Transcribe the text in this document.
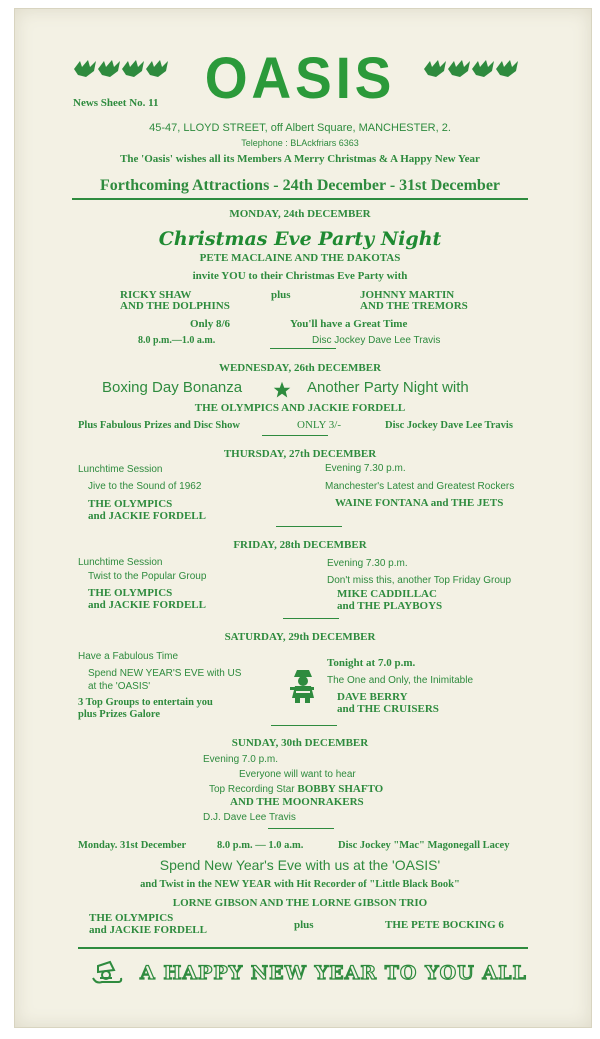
OASIS
News Sheet No. 11
45-47, LLOYD STREET, off Albert Square, MANCHESTER, 2.
Telephone : BLAckfriars 6363
The 'Oasis' wishes all its Members A Merry Christmas & A Happy New Year
Forthcoming Attractions - 24th December - 31st December
MONDAY, 24th DECEMBER
Christmas Eve Party Night
PETE MACLAINE AND THE DAKOTAS
invite YOU to their Christmas Eve Party with
RICKY SHAW
AND THE DOLPHINS
plus	JOHNNY MARTIN
AND THE TREMORS
Only 8/6	You'll have a Great Time
8.0 p.m.—1.0 a.m.	Disc Jockey Dave Lee Travis
WEDNESDAY, 26th DECEMBER
Boxing Day Bonanza	Another Party Night with
THE OLYMPICS AND JACKIE FORDELL
Plus Fabulous Prizes and Disc Show	ONLY 3/-	Disc Jockey Dave Lee Travis
THURSDAY, 27th DECEMBER
Lunchtime Session
Jive to the Sound of 1962
THE OLYMPICS
and JACKIE FORDELL
Evening 7.30 p.m.
Manchester's Latest and Greatest Rockers
WAINE FONTANA and THE JETS
FRIDAY, 28th DECEMBER
Lunchtime Session
Twist to the Popular Group
THE OLYMPICS
and JACKIE FORDELL
Evening 7.30 p.m.
Don't miss this, another Top Friday Group
MIKE CADDILLAC
and THE PLAYBOYS
SATURDAY, 29th DECEMBER
Have a Fabulous Time
Spend NEW YEAR'S EVE with US
at the 'OASIS'
3 Top Groups to entertain you
plus Prizes Galore
Tonight at 7.0 p.m.
The One and Only, the Inimitable
DAVE BERRY
and THE CRUISERS
SUNDAY, 30th DECEMBER
Evening 7.0 p.m.
Everyone will want to hear
Top Recording Star BOBBY SHAFTO
AND THE MOONRAKERS
D.J. Dave Lee Travis
Monday. 31st December	8.0 p.m. — 1.0 a.m.	Disc Jockey "Mac" Magonegall Lacey
Spend New Year's Eve with us at the 'OASIS'
and Twist in the NEW YEAR with Hit Recorder of "Little Black Book"
LORNE GIBSON AND THE LORNE GIBSON TRIO
THE OLYMPICS
and JACKIE FORDELL	plus	THE PETE BOCKING 6
A HAPPY NEW YEAR TO YOU ALL
